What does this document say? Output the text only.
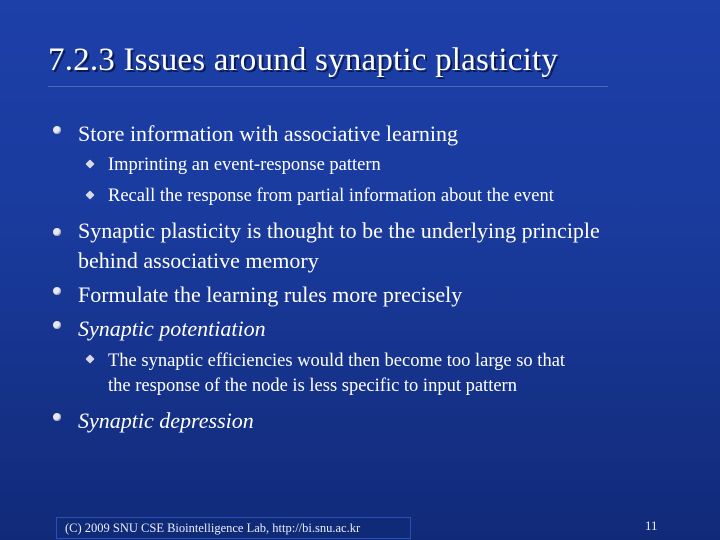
7.2.3 Issues around synaptic plasticity
Store information with associative learning
Imprinting an event-response pattern
Recall the response from partial information about the event
Synaptic plasticity is thought to be the underlying principle
behind associative memory
Formulate the learning rules more precisely
Synaptic potentiation
The synaptic efficiencies would then become too large so that
the response of the node is less specific to input pattern
Synaptic depression
(C) 2009 SNU CSE Biointelligence Lab, http://bi.snu.ac.kr	11
